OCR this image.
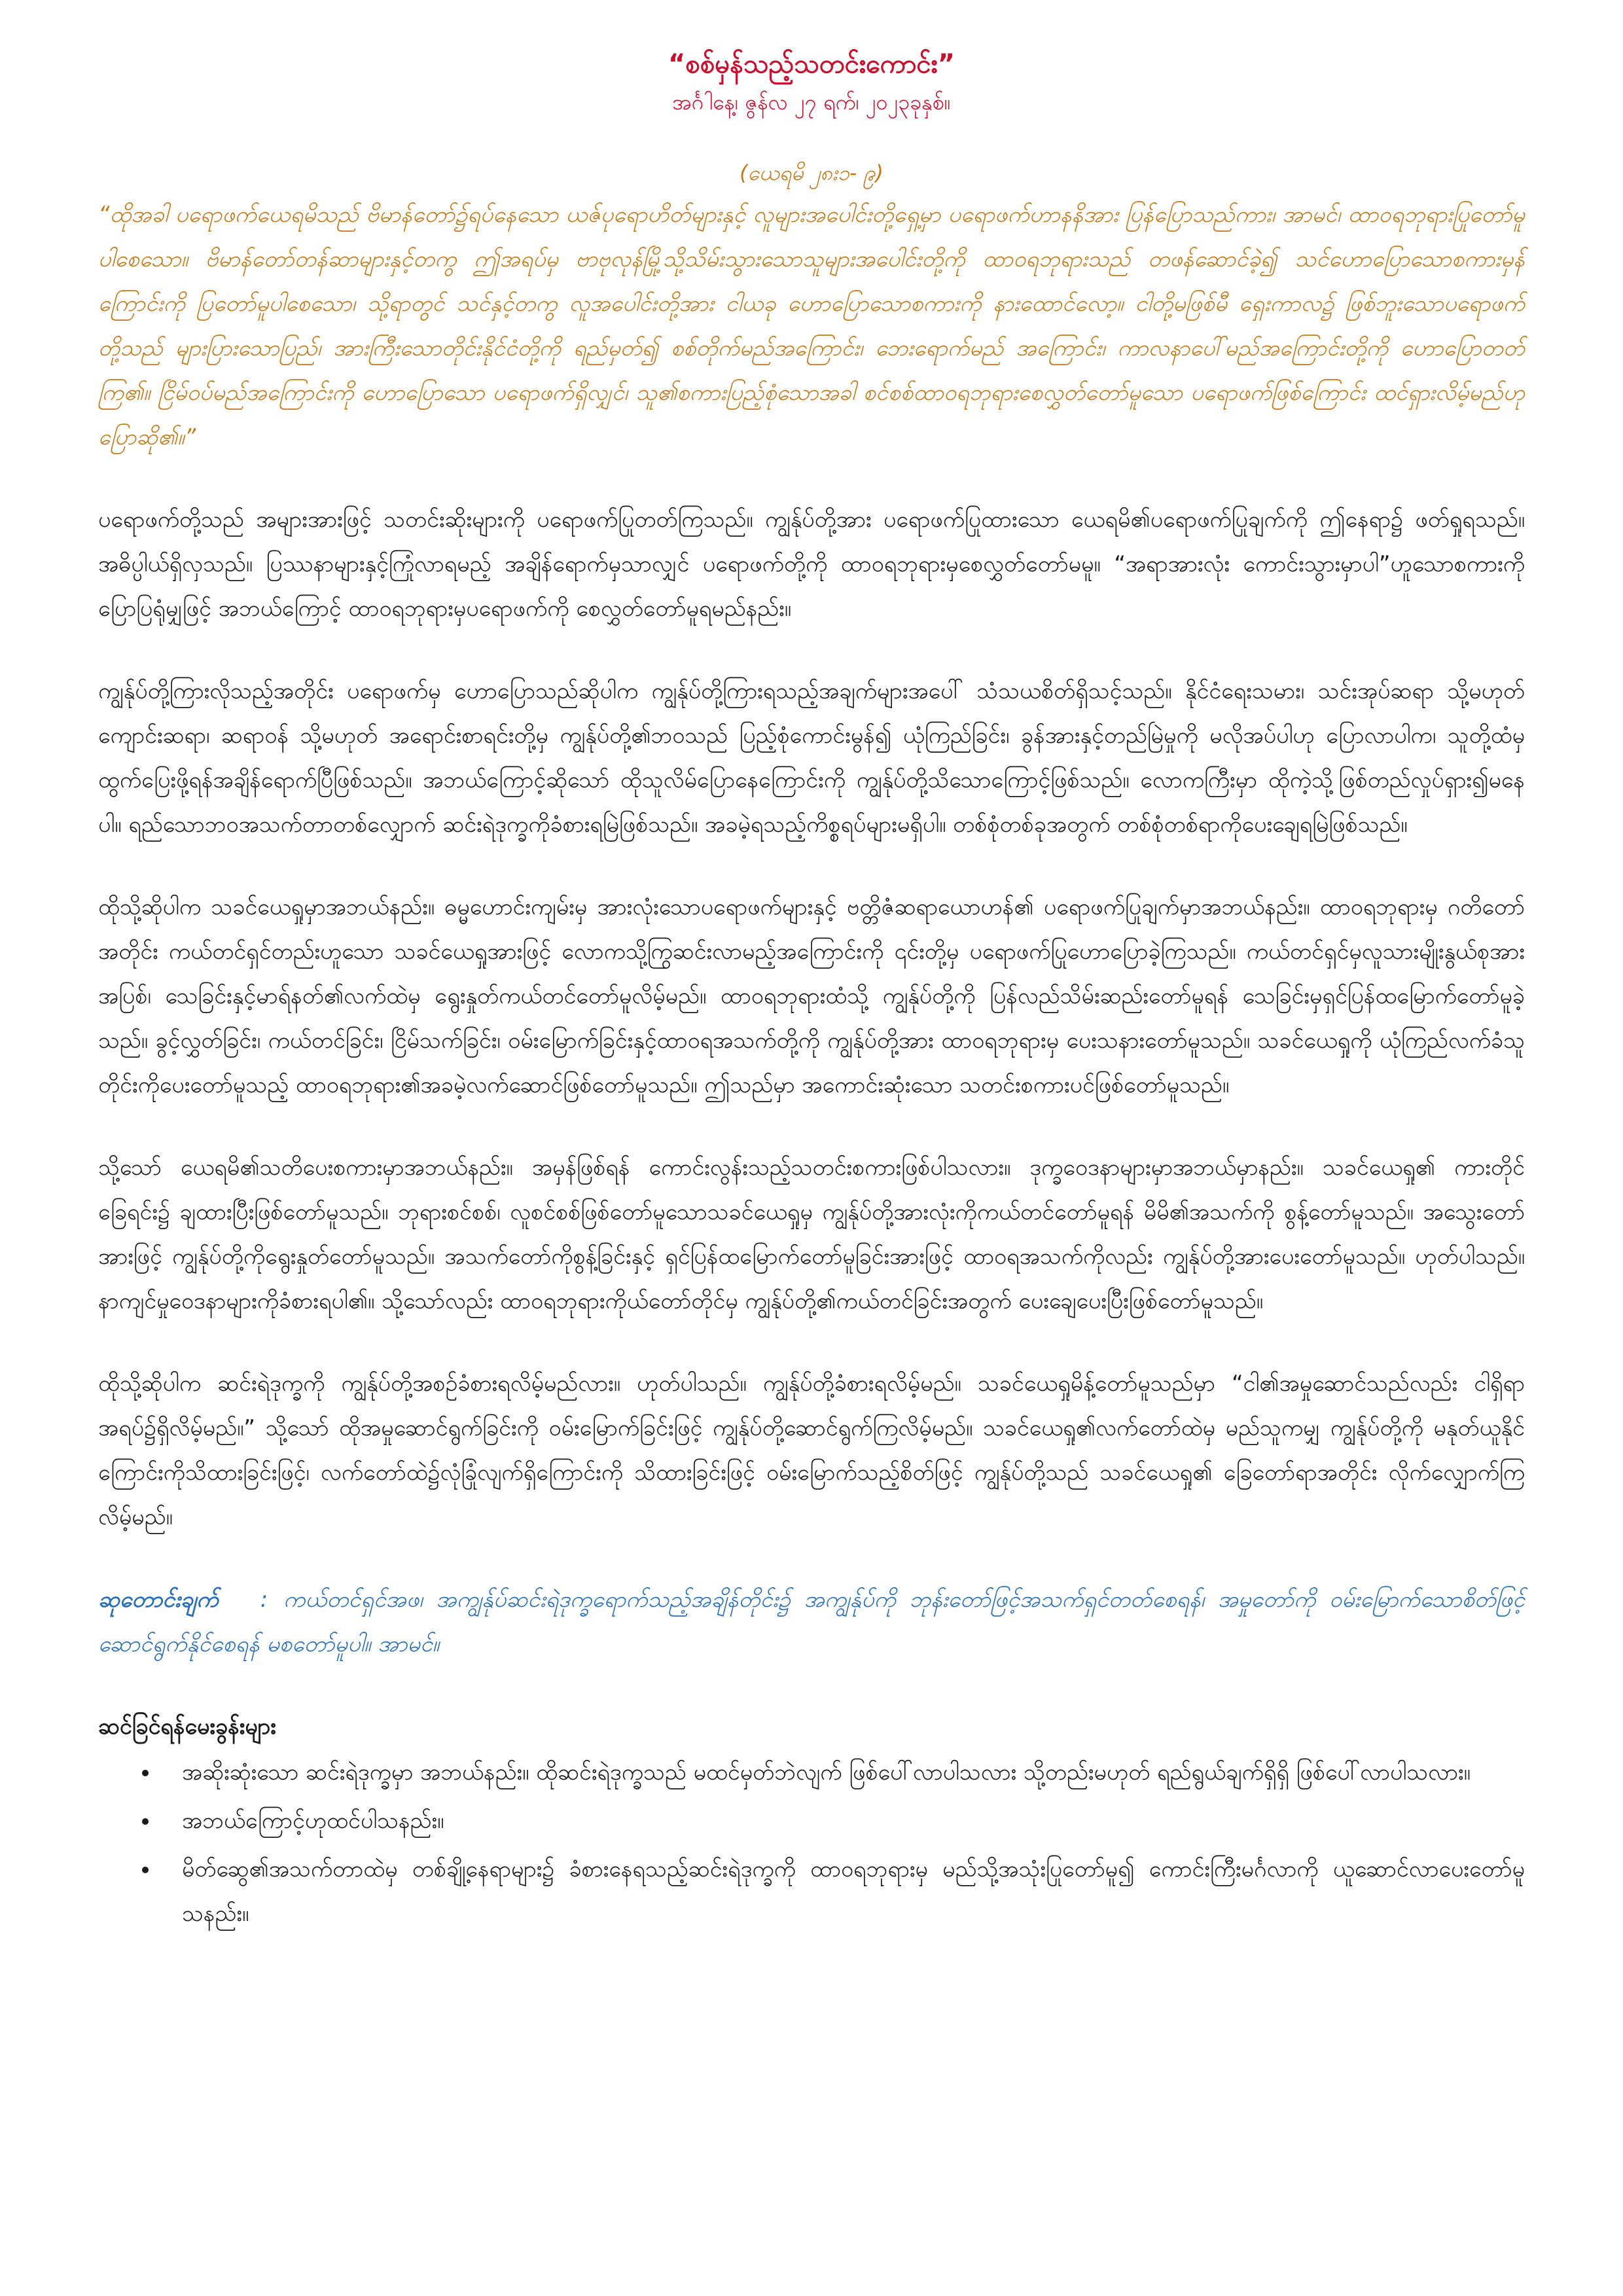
“စစ်မှန်သည့်သတင်းကောင်း”
အင်္ဂါနေ့၊ ဇွန်လ ၂၇ ရက်၊ ၂၀၂၃ခုနှစ်။
(ယေရမိ ၂၈း၁- ၉)
“ထိုအခါ ပရောဖက်ယေရမိသည် ဗိမာန်တော်၌ရပ်နေသော ယဇ်ပုရောဟိတ်များနှင့် လူများအပေါင်းတို့ရှေ့မှာ ပရောဖက်ဟာနနိအား ပြန်ပြောသည်ကား၊ အာမင်၊ ထာဝရဘုရားပြုတော်မူပါစေသော။ ဗိမာန်တော်တန်ဆာများနှင့်တကွ ဤအရပ်မှ ဗာဗုလုန်မြို့သို့သိမ်းသွားသောသူများအပေါင်းတို့ကို ထာဝရဘုရားသည် တဖန်ဆောင်ခဲ့၍ သင်ဟောပြောသောစကားမှန်ကြောင်းကို ပြတော်မူပါစေသော၊ သို့ရာတွင် သင်နှင့်တကွ လူအပေါင်းတို့အား ငါယခု ဟောပြောသောစကားကို နားထောင်လော့။ ငါတို့မဖြစ်မီ ရှေးကာလ၌ ဖြစ်ဘူးသောပရောဖက်တို့သည် များပြားသောပြည်၊ အားကြီးသောတိုင်းနိုင်ငံတို့ကို ရည်မှတ်၍ စစ်တိုက်မည်အကြောင်း၊ ဘေးရောက်မည် အကြောင်း၊ ကာလနာပေါ်မည်အကြောင်းတို့ကို ဟောပြောတတ်ကြ၏။ ငြိမ်ဝပ်မည်အကြောင်းကို ဟောပြောသော ပရောဖက်ရှိလျှင်၊ သူ၏စကားပြည့်စုံသောအခါ စင်စစ်ထာဝရဘုရားစေလွှတ်တော်မူသော ပရောဖက်ဖြစ်ကြောင်း ထင်ရှားလိမ့်မည်ဟုပြောဆို၏။”

ပရောဖက်တို့သည် အများအားဖြင့် သတင်းဆိုးများကို ပရောဖက်ပြုတတ်ကြသည်။ ကျွန်ုပ်တို့အား ပရောဖက်ပြုထားသော ယေရမိ၏ပရောဖက်ပြုချက်ကို ဤနေရာ၌ ဖတ်ရှုရသည်။ အဓိပ္ပါယ်ရှိလှသည်။ ပြဿနာများနှင့်ကြုံလာရမည့် အချိန်ရောက်မှသာလျှင် ပရောဖက်တို့ကို ထာဝရဘုရားမှစေလွှတ်တော်မမူ။ “အရာအားလုံး ကောင်းသွားမှာပါ”ဟူသောစကားကို ပြောပြရုံမျှဖြင့် အဘယ်ကြောင့် ထာဝရဘုရားမှပရောဖက်ကို စေလွှတ်တော်မူရမည်နည်း။

ကျွန်ုပ်တို့ကြားလိုသည့်အတိုင်း ပရောဖက်မှ ဟောပြောသည်ဆိုပါက ကျွန်ုပ်တို့ကြားရသည့်အချက်များအပေါ် သံသယစိတ်ရှိသင့်သည်။ နိုင်ငံရေးသမား၊ သင်းအုပ်ဆရာ သို့မဟုတ် ကျောင်းဆရာ၊ ဆရာဝန် သို့မဟုတ် အရောင်းစာရင်းတို့မှ ကျွန်ုပ်တို့၏ဘဝသည် ပြည့်စုံကောင်းမွန်၍ ယုံကြည်ခြင်း၊ ခွန်အားနှင့်တည်မြဲမှုကို မလိုအပ်ပါဟု ပြောလာပါက၊ သူတို့ထံမှ ထွက်ပြေးဖို့ရန်အချိန်ရောက်ပြီဖြစ်သည်။ အဘယ်ကြောင့်ဆိုသော် ထိုသူလိမ်ပြောနေကြောင်းကို ကျွန်ုပ်တို့သိသောကြောင့်ဖြစ်သည်။ လောကကြီးမှာ ထိုကဲ့သို့ဖြစ်တည်လှုပ်ရှား၍မနေပါ။ ရည်သောဘဝအသက်တာတစ်လျှောက် ဆင်းရဲဒုက္ခကိုခံစားရမြဲဖြစ်သည်။ အခမဲ့ရသည့်ကိစ္စရပ်များမရှိပါ။ တစ်စုံတစ်ခုအတွက် တစ်စုံတစ်ရာကိုပေးချေရမြဲဖြစ်သည်။

ထိုသို့ဆိုပါက သခင်ယေရှုမှာအဘယ်နည်း။ ဓမ္မဟောင်းကျမ်းမှ အားလုံးသောပရောဖက်များနှင့် ဗတ္တိဇံဆရာယောဟန်၏ ပရောဖက်ပြုချက်မှာအဘယ်နည်း။ ထာဝရဘုရားမှ ဂတိတော်အတိုင်း ကယ်တင်ရှင်တည်းဟူသော သခင်ယေရှုအားဖြင့် လောကသို့ကြွဆင်းလာမည့်အကြောင်းကို ၎င်းတို့မှ ပရောဖက်ပြုဟောပြောခဲ့ကြသည်။ ကယ်တင်ရှင်မှလူသားမျိုးနွယ်စုအားအပြစ်၊ သေခြင်းနှင့်မာရ်နတ်၏လက်ထဲမှ ရွေးနှုတ်ကယ်တင်တော်မူလိမ့်မည်။ ထာဝရဘုရားထံသို့ ကျွန်ုပ်တို့ကို ပြန်လည်သိမ်းဆည်းတော်မူရန် သေခြင်းမှရှင်ပြန်ထမြောက်တော်မူခဲ့သည်။ ခွင့်လွှတ်ခြင်း၊ ကယ်တင်ခြင်း၊ ငြိမ်သက်ခြင်း၊ ဝမ်းမြောက်ခြင်းနှင့်ထာဝရအသက်တို့ကို ကျွန်ုပ်တို့အား ထာဝရဘုရားမှ ပေးသနားတော်မူသည်။ သခင်ယေရှုကို ယုံကြည်လက်ခံသူတိုင်းကိုပေးတော်မူသည့် ထာဝရဘုရား၏အခမဲ့လက်ဆောင်ဖြစ်တော်မူသည်။ ဤသည်မှာ အကောင်းဆုံးသော သတင်းစကားပင်ဖြစ်တော်မူသည်။

သို့သော် ယေရမိ၏သတိပေးစကားမှာအဘယ်နည်း။ အမှန်ဖြစ်ရန် ကောင်းလွန်းသည့်သတင်းစကားဖြစ်ပါသလား။ ဒုက္ခဝေဒနာများမှာအဘယ်မှာနည်း။ သခင်ယေရှု၏ ကားတိုင်ခြေရင်း၌ ချထားပြီးဖြစ်တော်မူသည်။ ဘုရားစင်စစ်၊ လူစင်စစ်ဖြစ်တော်မူသောသခင်ယေရှုမှ ကျွန်ုပ်တို့အားလုံးကိုကယ်တင်တော်မူရန် မိမိ၏အသက်ကို စွန့်တော်မူသည်။ အသွေးတော်အားဖြင့် ကျွန်ုပ်တို့ကိုရွေးနှုတ်တော်မူသည်။ အသက်တော်ကိုစွန့်ခြင်းနှင့် ရှင်ပြန်ထမြောက်တော်မူခြင်းအားဖြင့် ထာဝရအသက်ကိုလည်း ကျွန်ုပ်တို့အားပေးတော်မူသည်။ ဟုတ်ပါသည်။ နာကျင်မှုဝေဒနာများကိုခံစားရပါ၏။ သို့သော်လည်း ထာဝရဘုရားကိုယ်တော်တိုင်မှ ကျွန်ုပ်တို့၏ကယ်တင်ခြင်းအတွက် ပေးချေပေးပြီးဖြစ်တော်မူသည်။

ထိုသို့ဆိုပါက ဆင်းရဲဒုက္ခကို ကျွန်ုပ်တို့အစဉ်ခံစားရလိမ့်မည်လား။ ဟုတ်ပါသည်။ ကျွန်ုပ်တို့ခံစားရလိမ့်မည်။ သခင်ယေရှုမိန့်တော်မူသည်မှာ “ငါ၏အမှုဆောင်သည်လည်း ငါရှိရာအရပ်၌ရှိလိမ့်မည်။” သို့သော် ထိုအမှုဆောင်ရွက်ခြင်းကို ဝမ်းမြောက်ခြင်းဖြင့် ကျွန်ုပ်တို့ဆောင်ရွက်ကြလိမ့်မည်။ သခင်ယေရှု၏လက်တော်ထဲမှ မည်သူကမျှ ကျွန်ုပ်တို့ကို မနုတ်ယူနိုင်ကြောင်းကိုသိထားခြင်းဖြင့်၊ လက်တော်ထဲ၌လုံခြုံလျက်ရှိကြောင်းကို သိထားခြင်းဖြင့် ဝမ်းမြောက်သည့်စိတ်ဖြင့် ကျွန်ုပ်တို့သည် သခင်ယေရှု၏ ခြေတော်ရာအတိုင်း လိုက်လျှောက်ကြလိမ့်မည်။

ဆုတောင်းချက် : ကယ်တင်ရှင်အဖ၊ အကျွန်ုပ်ဆင်းရဲဒုက္ခရောက်သည့်အချိန်တိုင်း၌ အကျွန်ုပ်ကို ဘုန်းတော်ဖြင့်အသက်ရှင်တတ်စေရန်၊ အမှုတော်ကို ဝမ်းမြောက်သောစိတ်ဖြင့် ဆောင်ရွက်နိုင်စေရန် မစတော်မူပါ။ အာမင်။
ဆင်ခြင်ရန်မေးခွန်းများ
• အဆိုးဆုံးသော ဆင်းရဲဒုက္ခမှာ အဘယ်နည်း။ ထိုဆင်းရဲဒုက္ခသည် မထင်မှတ်ဘဲလျက် ဖြစ်ပေါ်လာပါသလား သို့တည်းမဟုတ် ရည်ရွယ်ချက်ရှိရှိ ဖြစ်ပေါ်လာပါသလား။
• အဘယ်ကြောင့်ဟုထင်ပါသနည်း။
• မိတ်ဆွေ၏အသက်တာထဲမှ တစ်ချို့နေရာများ၌ ခံစားနေရသည့်ဆင်းရဲဒုက္ခကို ထာဝရဘုရားမှ မည်သို့အသုံးပြုတော်မူ၍ ကောင်းကြီးမင်္ဂလာကို ယူဆောင်လာပေးတော်မူသနည်း။
